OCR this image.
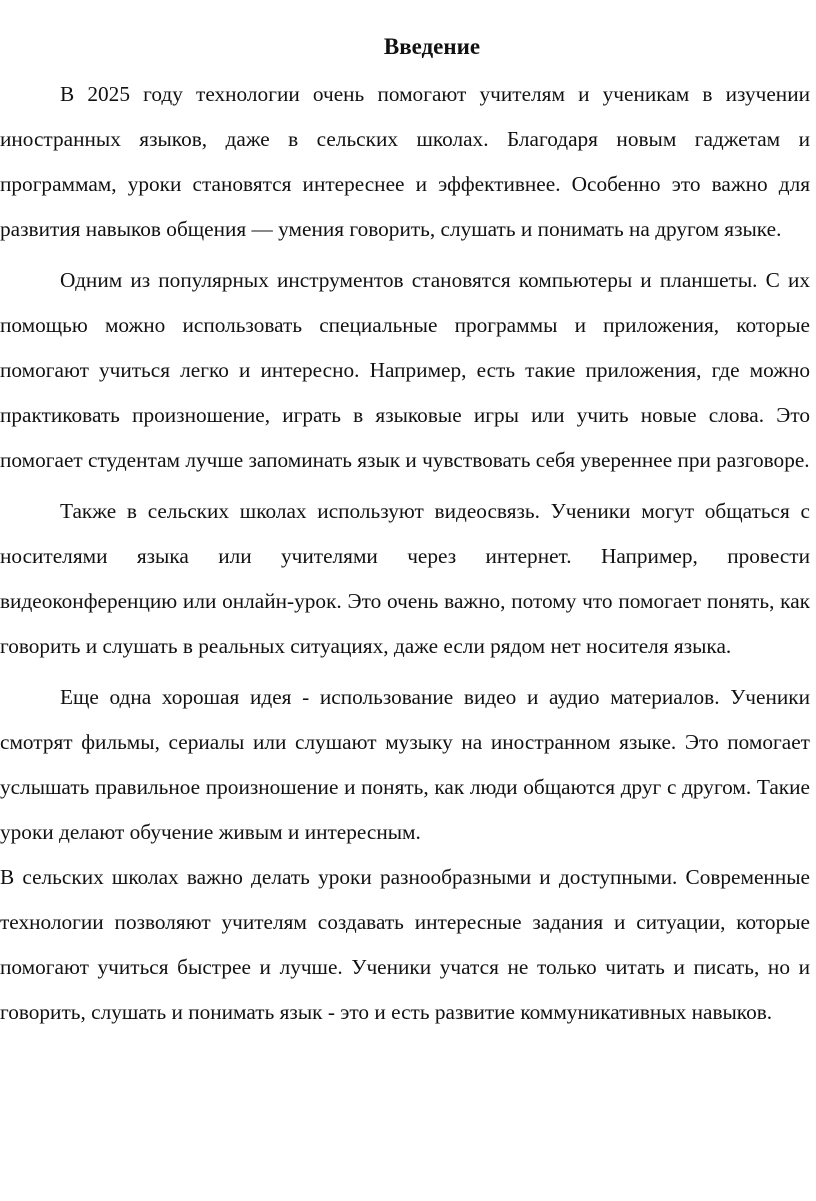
Введение

В 2025 году технологии очень помогают учителям и ученикам в изучении иностранных языков, даже в сельских школах. Благодаря новым гаджетам и программам, уроки становятся интереснее и эффективнее. Особенно это важно для развития навыков общения — умения говорить, слушать и понимать на другом языке.

Одним из популярных инструментов становятся компьютеры и планшеты. С их помощью можно использовать специальные программы и приложения, которые помогают учиться легко и интересно. Например, есть такие приложения, где можно практиковать произношение, играть в языковые игры или учить новые слова. Это помогает студентам лучше запоминать язык и чувствовать себя увереннее при разговоре.

Также в сельских школах используют видеосвязь. Ученики могут общаться с носителями языка или учителями через интернет. Например, провести видеоконференцию или онлайн-урок. Это очень важно, потому что помогает понять, как говорить и слушать в реальных ситуациях, даже если рядом нет носителя языка.

Еще одна хорошая идея - использование видео и аудио материалов. Ученики смотрят фильмы, сериалы или слушают музыку на иностранном языке. Это помогает услышать правильное произношение и понять, как люди общаются друг с другом. Такие уроки делают обучение живым и интересным.

В сельских школах важно делать уроки разнообразными и доступными. Современные технологии позволяют учителям создавать интересные задания и ситуации, которые помогают учиться быстрее и лучше. Ученики учатся не только читать и писать, но и говорить, слушать и понимать язык - это и есть развитие коммуникативных навыков.
